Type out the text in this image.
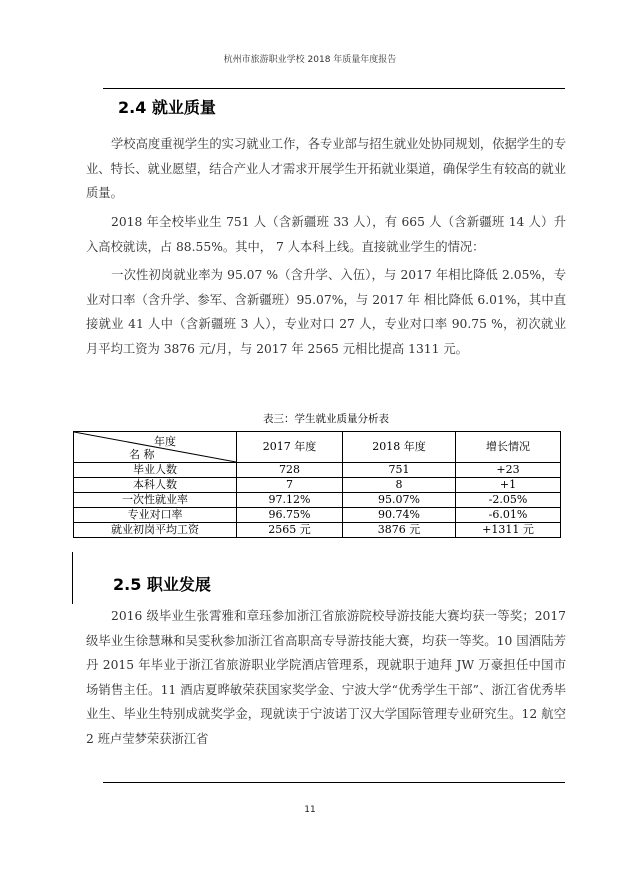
杭州市旅游职业学校 2018 年质量年度报告
2.4 就业质量
学校高度重视学生的实习就业工作，各专业部与招生就业处协同规划，依据学生的专业、特长、就业愿望，结合产业人才需求开展学生开拓就业渠道，确保学生有较高的就业质量。
2018 年全校毕业生 751 人（含新疆班 33 人），有 665 人（含新疆班 14 人）升入高校就读，占 88.55%。其中， 7 人本科上线。直接就业学生的情况：
一次性初岗就业率为 95.07 %（含升学、入伍），与 2017 年相比降低 2.05%，专业对口率（含升学、参军、含新疆班）95.07%，与 2017 年 相比降低 6.01%，其中直接就业 41 人中（含新疆班 3 人），专业对口 27 人，专业对口率 90.75 %，初次就业月平均工资为 3876 元/月，与 2017 年 2565 元相比提高 1311 元。
表三：学生就业质量分析表
年度
名 称	2017 年度	2018 年度	增长情况
毕业人数	728	751	+23
本科人数	7	8	+1
一次性就业率	97.12%	95.07%	-2.05%
专业对口率	96.75%	90.74%	-6.01%
就业初岗平均工资	2565 元	3876 元	+1311 元
2.5 职业发展
2016 级毕业生张霄雅和章珏参加浙江省旅游院校导游技能大赛均获一等奖；2017 级毕业生徐慧琳和吴雯秋参加浙江省高职高专导游技能大赛，均获一等奖。10 国酒陆芳丹 2015 年毕业于浙江省旅游职业学院酒店管理系，现就职于迪拜 JW 万豪担任中国市场销售主任。11 酒店夏晔敏荣获国家奖学金、宁波大学“优秀学生干部”、浙江省优秀毕业生、毕业生特别成就奖学金，现就读于宁波诺丁汉大学国际管理专业研究生。12 航空 2 班卢莹梦荣获浙江省
11
